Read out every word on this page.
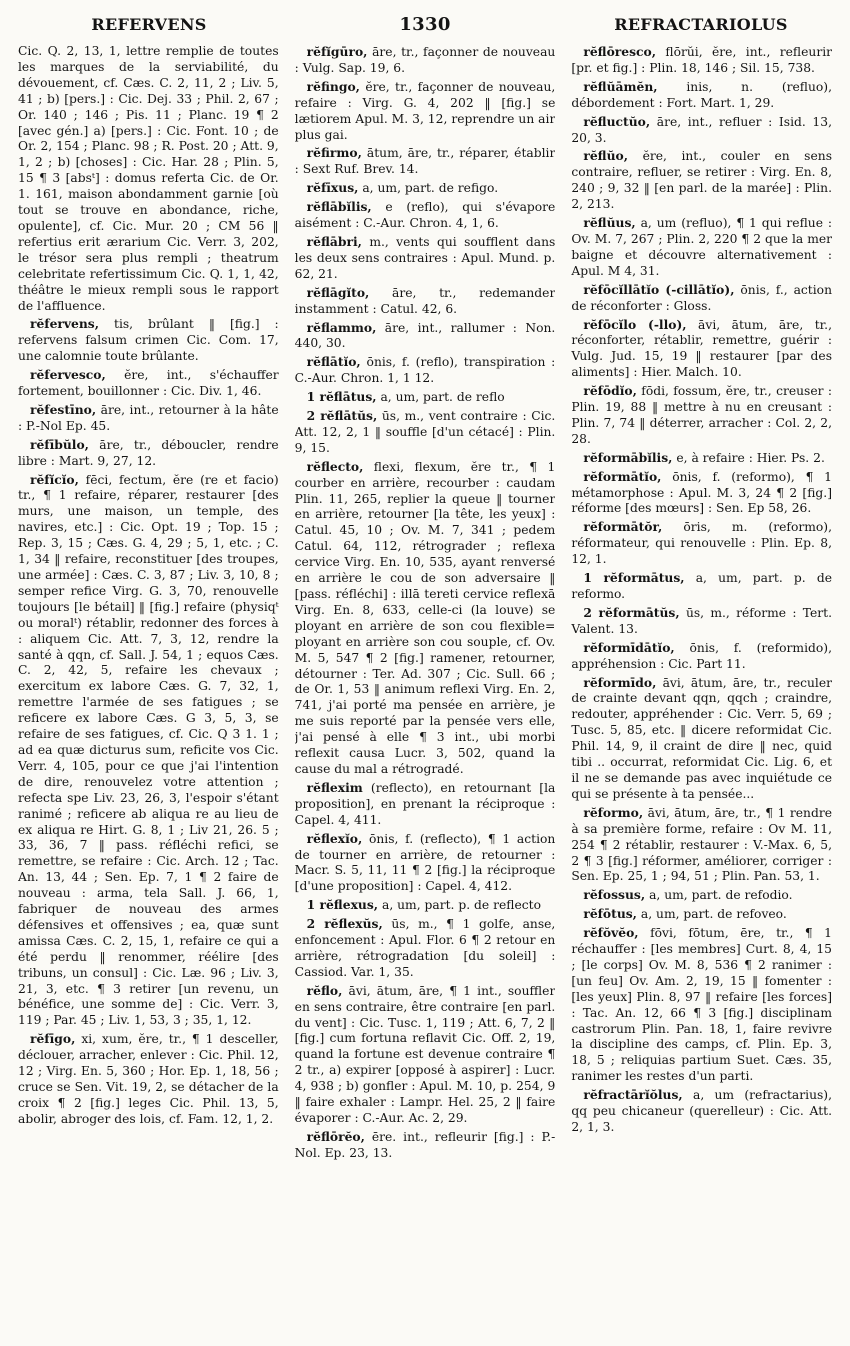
REFERVENS	1330	REFRACTARIOLUS

Cic. Q. 2, 13, 1, lettre remplie de toutes les marques de la serviabilité, du dévouement, cf. Cæs. C. 2, 11, 2 ; Liv. 5, 41 ; b) [pers.] : Cic. Dej. 33 ; Phil. 2, 67 ; Or. 140 ; 146 ; Pis. 11 ; Planc. 19 ¶ 2 [avec gén.] a) [pers.] : Cic. Font. 10 ; de Or. 2, 154 ; Planc. 98 ; R. Post. 20 ; Att. 9, 1, 2 ; b) [choses] : Cic. Har. 28 ; Plin. 5, 15 ¶ 3 [absᵗ] : domus referta Cic. de Or. 1. 161, maison abondamment garnie [où tout se trouve en abondance, riche, opulente], cf. Cic. Mur. 20 ; CM 56 ‖ refertius erit ærarium Cic. Verr. 3, 202, le trésor sera plus rempli ; theatrum celebritate refertissimum Cic. Q. 1, 1, 42, théâtre le mieux rempli sous le rapport de l'affluence.

rĕfervens, tis, brûlant ‖ [fig.] : refervens falsum crimen Cic. Com. 17, une calomnie toute brûlante.

rĕfervesco, ĕre, int., s'échauffer fortement, bouillonner : Cic. Div. 1, 46.

rĕfestīno, āre, int., retourner à la hâte : P.-Nol Ep. 45.

rĕfībŭlo, āre, tr., déboucler, rendre libre : Mart. 9, 27, 12.

rĕfĭcĭo, fēci, fectum, ĕre (re et facio) tr., ¶ 1 refaire, réparer, restaurer [des murs, une maison, un temple, des navires, etc.] : Cic. Opt. 19 ; Top. 15 ; Rep. 3, 15 ; Cæs. G. 4, 29 ; 5, 1, etc. ; C. 1, 34 ‖ refaire, reconstituer [des troupes, une armée] : Cæs. C. 3, 87 ; Liv. 3, 10, 8 ; semper refice Virg. G. 3, 70, renouvelle toujours [le bétail] ‖ [fig.] refaire (physiqᵗ ou moralᵗ) rétablir, redonner des forces à : aliquem Cic. Att. 7, 3, 12, rendre la santé à qqn, cf. Sall. J. 54, 1 ; equos Cæs. C. 2, 42, 5, refaire les chevaux ; exercitum ex labore Cæs. G. 7, 32, 1, remettre l'armée de ses fatigues ; se reficere ex labore Cæs. G 3, 5, 3, se refaire de ses fatigues, cf. Cic. Q 3 1. 1 ; ad ea quæ dicturus sum, reficite vos Cic. Verr. 4, 105, pour ce que j'ai l'intention de dire, renouvelez votre attention ; refecta spe Liv. 23, 26, 3, l'espoir s'étant ranimé ; reficere ab aliqua re au lieu de ex aliqua re Hirt. G. 8, 1 ; Liv 21, 26. 5 ; 33, 36, 7 ‖ pass. réfléchi refici, se remettre, se refaire : Cic. Arch. 12 ; Tac. An. 13, 44 ; Sen. Ep. 7, 1 ¶ 2 faire de nouveau : arma, tela Sall. J. 66, 1, fabriquer de nouveau des armes défensives et offensives ; ea, quæ sunt amissa Cæs. C. 2, 15, 1, refaire ce qui a été perdu ‖ renommer, réélire [des tribuns, un consul] : Cic. Læ. 96 ; Liv. 3, 21, 3, etc. ¶ 3 retirer [un revenu, un bénéfice, une somme de] : Cic. Verr. 3, 119 ; Par. 45 ; Liv. 1, 53, 3 ; 35, 1, 12.

rĕfīgo, xi, xum, ĕre, tr., ¶ 1 desceller, déclouer, arracher, enlever : Cic. Phil. 12, 12 ; Virg. En. 5, 360 ; Hor. Ep. 1, 18, 56 ; cruce se Sen. Vit. 19, 2, se détacher de la croix ¶ 2 [fig.] leges Cic. Phil. 13, 5, abolir, abroger des lois, cf. Fam. 12, 1, 2.

rĕfĭgūro, āre, tr., façonner de nouveau : Vulg. Sap. 19, 6.

rĕfingo, ĕre, tr., façonner de nouveau, refaire : Virg. G. 4, 202 ‖ [fig.] se lætiorem Apul. M. 3, 12, reprendre un air plus gai.

rĕfirmo, ātum, āre, tr., réparer, établir : Sext Ruf. Brev. 14.

rĕfīxus, a, um, part. de refigo.

rĕflābĭlis, e (reflo), qui s'évapore aisément : C.-Aur. Chron. 4, 1, 6.

rĕflābri, m., vents qui soufflent dans les deux sens contraires : Apul. Mund. p. 62, 21.

rĕflāgĭto, āre, tr., redemander instamment : Catul. 42, 6.

rĕflammo, āre, int., rallumer : Non. 440, 30.

rĕflātĭo, ōnis, f. (reflo), transpiration : C.-Aur. Chron. 1, 1 12.

1 rĕflātus, a, um, part. de reflo

2 rĕflātŭs, ūs, m., vent contraire : Cic. Att. 12, 2, 1 ‖ souffle [d'un cétacé] : Plin. 9, 15.

rĕflecto, flexi, flexum, ĕre tr., ¶ 1 courber en arrière, recourber : caudam Plin. 11, 265, replier la queue ‖ tourner en arrière, retourner [la tête, les yeux] : Catul. 45, 10 ; Ov. M. 7, 341 ; pedem Catul. 64, 112, rétrograder ; reflexa cervice Virg. En. 10, 535, ayant renversé en arrière le cou de son adversaire ‖ [pass. réfléchi] : illā tereti cervice reflexā Virg. En. 8, 633, celle-ci (la louve) se ployant en arrière de son cou flexible= ployant en arrière son cou souple, cf. Ov. M. 5, 547 ¶ 2 [fig.] ramener, retourner, détourner : Ter. Ad. 307 ; Cic. Sull. 66 ; de Or. 1, 53 ‖ animum reflexi Virg. En. 2, 741, j'ai porté ma pensée en arrière, je me suis reporté par la pensée vers elle, j'ai pensé à elle ¶ 3 int., ubi morbi reflexit causa Lucr. 3, 502, quand la cause du mal a rétrogradé.

rĕflexim (reflecto), en retournant [la proposition], en prenant la réciproque : Capel. 4, 411.

rĕflexĭo, ōnis, f. (reflecto), ¶ 1 action de tourner en arrière, de retourner : Macr. S. 5, 11, 11 ¶ 2 [fig.] la réciproque [d'une proposition] : Capel. 4, 412.

1 rĕflexus, a, um, part. p. de reflecto

2 rĕflexŭs, ūs, m., ¶ 1 golfe, anse, enfoncement : Apul. Flor. 6 ¶ 2 retour en arrière, rétrogradation [du soleil] : Cassiod. Var. 1, 35.

rĕflo, āvi, ātum, āre, ¶ 1 int., souffler en sens contraire, être contraire [en parl. du vent] : Cic. Tusc. 1, 119 ; Att. 6, 7, 2 ‖ [fig.] cum fortuna reflavit Cic. Off. 2, 19, quand la fortune est devenue contraire ¶ 2 tr., a) expirer [opposé à aspirer] : Lucr. 4, 938 ; b) gonfler : Apul. M. 10, p. 254, 9 ‖ faire exhaler : Lampr. Hel. 25, 2 ‖ faire évaporer : C.-Aur. Ac. 2, 29.

rĕflōrĕo, ēre. int., refleurir [fig.] : P.-Nol. Ep. 23, 13.

rĕflōresco, flōrŭi, ĕre, int., refleurir [pr. et fig.] : Plin. 18, 146 ; Sil. 15, 738.

rĕflŭāmĕn, inis, n. (refluo), débordement : Fort. Mart. 1, 29.

rĕfluctŭo, āre, int., refluer : Isid. 13, 20, 3.

rĕflŭo, ĕre, int., couler en sens contraire, refluer, se retirer : Virg. En. 8, 240 ; 9, 32 ‖ [en parl. de la marée] : Plin. 2, 213.

rĕflŭus, a, um (refluo), ¶ 1 qui reflue : Ov. M. 7, 267 ; Plin. 2, 220 ¶ 2 que la mer baigne et découvre alternativement : Apul. M 4, 31.

rĕfōcĭllātĭo (-cillātĭo), ōnis, f., action de réconforter : Gloss.

rĕfōcĭlo (-llo), āvi, ātum, āre, tr., réconforter, rétablir, remettre, guérir : Vulg. Jud. 15, 19 ‖ restaurer [par des aliments] : Hier. Malch. 10.

rĕfōdĭo, fōdi, fossum, ĕre, tr., creuser : Plin. 19, 88 ‖ mettre à nu en creusant : Plin. 7, 74 ‖ déterrer, arracher : Col. 2, 2, 28.

rĕformābĭlis, e, à refaire : Hier. Ps. 2.

rĕformātĭo, ōnis, f. (reformo), ¶ 1 métamorphose : Apul. M. 3, 24 ¶ 2 [fig.] réforme [des mœurs] : Sen. Ep 58, 26.

rĕformātŏr, ōris, m. (reformo), réformateur, qui renouvelle : Plin. Ep. 8, 12, 1.

1 rĕformātus, a, um, part. p. de reformo.

2 rĕformātŭs, ūs, m., réforme : Tert. Valent. 13.

rĕformīdātĭo, ōnis, f. (reformido), appréhension : Cic. Part 11.

rĕformīdo, āvi, ātum, āre, tr., reculer de crainte devant qqn, qqch ; craindre, redouter, appréhender : Cic. Verr. 5, 69 ; Tusc. 5, 85, etc. ‖ dicere reformidat Cic. Phil. 14, 9, il craint de dire ‖ nec, quid tibi .. occurrat, reformidat Cic. Lig. 6, et il ne se demande pas avec inquiétude ce qui se présente à ta pensée...

rĕformo, āvi, ātum, āre, tr., ¶ 1 rendre à sa première forme, refaire : Ov M. 11, 254 ¶ 2 rétablir, restaurer : V.-Max. 6, 5, 2 ¶ 3 [fig.] réformer, améliorer, corriger : Sen. Ep. 25, 1 ; 94, 51 ; Plin. Pan. 53, 1.

rĕfossus, a, um, part. de refodio.

rĕfōtus, a, um, part. de refoveo.

rĕfŏvĕo, fōvi, fōtum, ēre, tr., ¶ 1 réchauffer : [les membres] Curt. 8, 4, 15 ; [le corps] Ov. M. 8, 536 ¶ 2 ranimer : [un feu] Ov. Am. 2, 19, 15 ‖ fomenter : [les yeux] Plin. 8, 97 ‖ refaire [les forces] : Tac. An. 12, 66 ¶ 3 [fig.] disciplinam castrorum Plin. Pan. 18, 1, faire revivre la discipline des camps, cf. Plin. Ep. 3, 18, 5 ; reliquias partium Suet. Cæs. 35, ranimer les restes d'un parti.

rĕfractārĭŏlus, a, um (refractarius), qq peu chicaneur (querelleur) : Cic. Att. 2, 1, 3.
